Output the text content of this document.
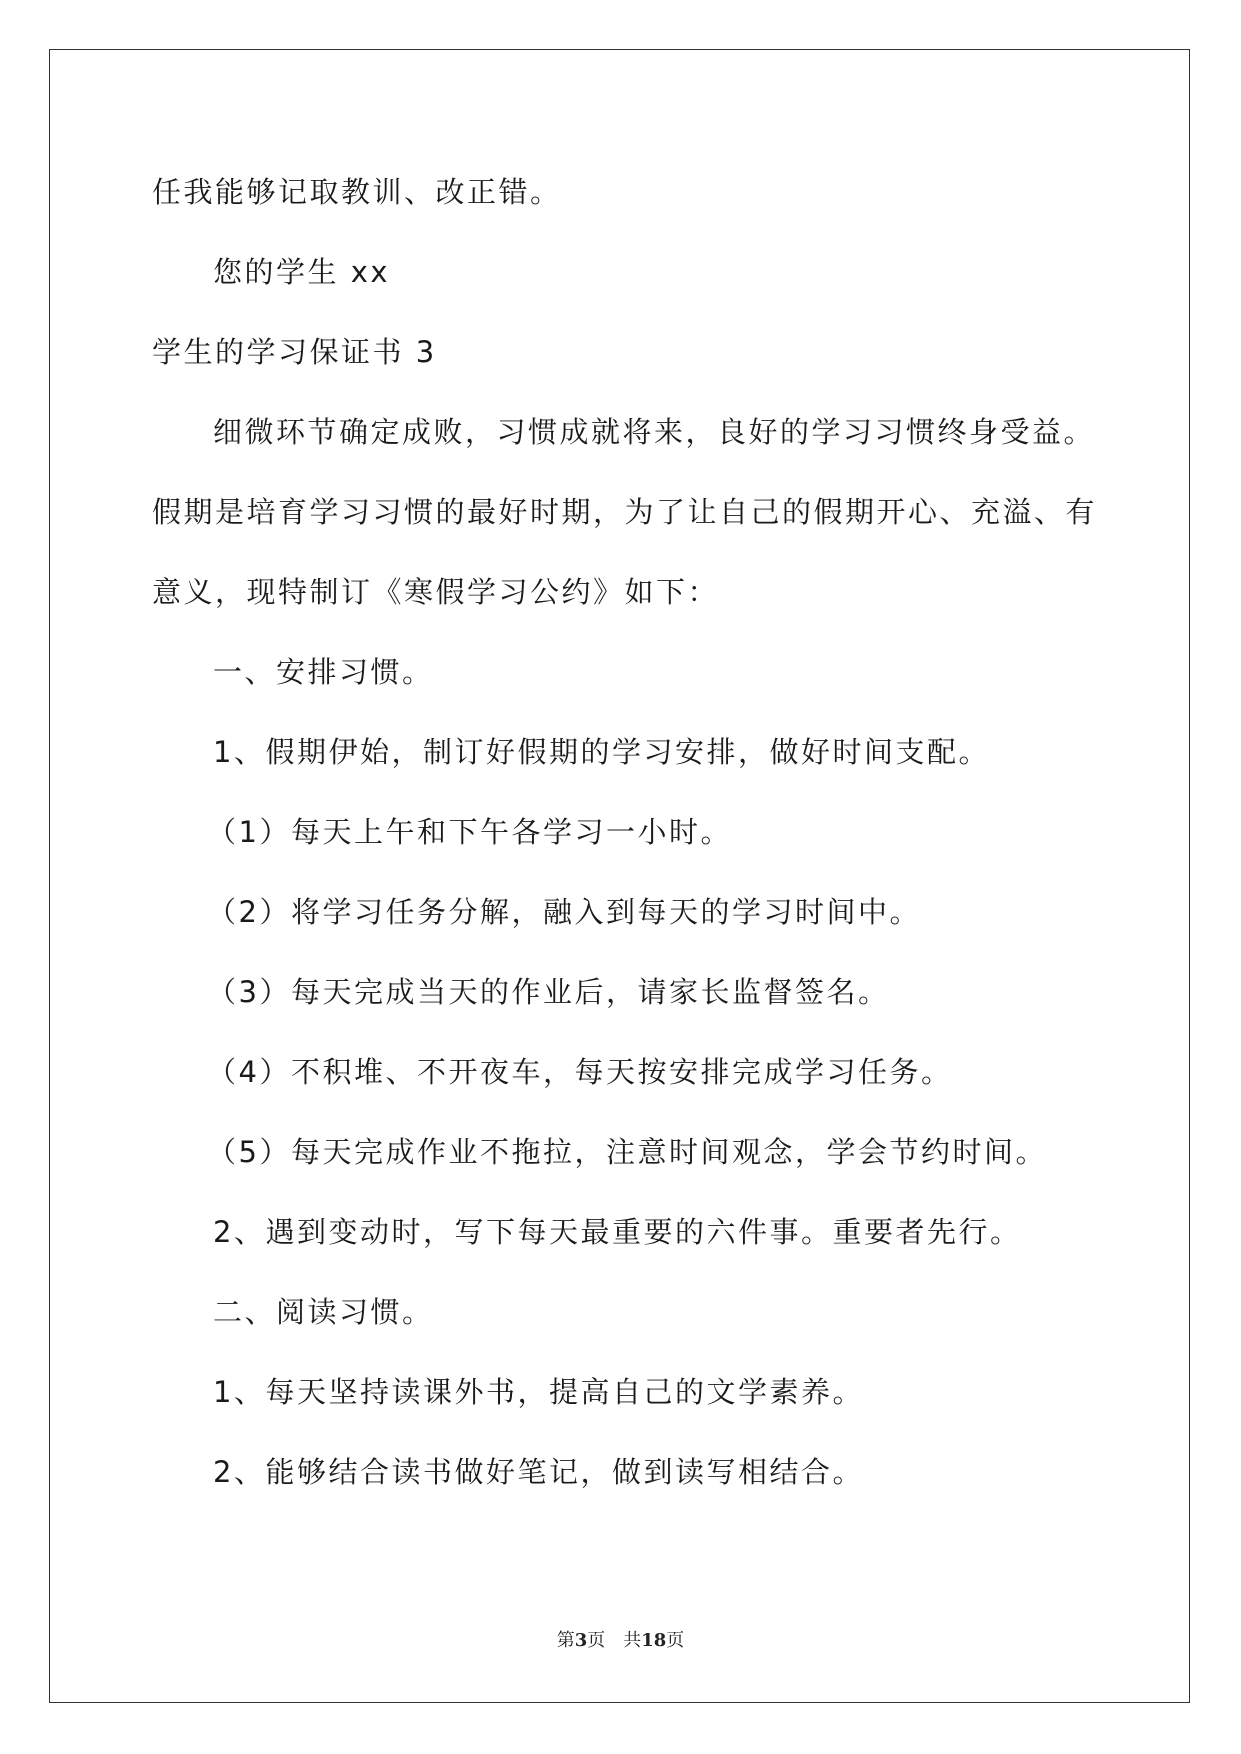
任我能够记取教训、改正错。
您的学生 xx
学生的学习保证书 3
细微环节确定成败，习惯成就将来，良好的学习习惯终身受益。
假期是培育学习习惯的最好时期，为了让自己的假期开心、充溢、有
意义，现特制订《寒假学习公约》如下：
一、安排习惯。
1、假期伊始，制订好假期的学习安排，做好时间支配。
（1）每天上午和下午各学习一小时。
（2）将学习任务分解，融入到每天的学习时间中。
（3）每天完成当天的作业后，请家长监督签名。
（4）不积堆、不开夜车，每天按安排完成学习任务。
（5）每天完成作业不拖拉，注意时间观念，学会节约时间。
2、遇到变动时，写下每天最重要的六件事。重要者先行。
二、阅读习惯。
1、每天坚持读课外书，提高自己的文学素养。
2、能够结合读书做好笔记，做到读写相结合。
第3页 共18页
